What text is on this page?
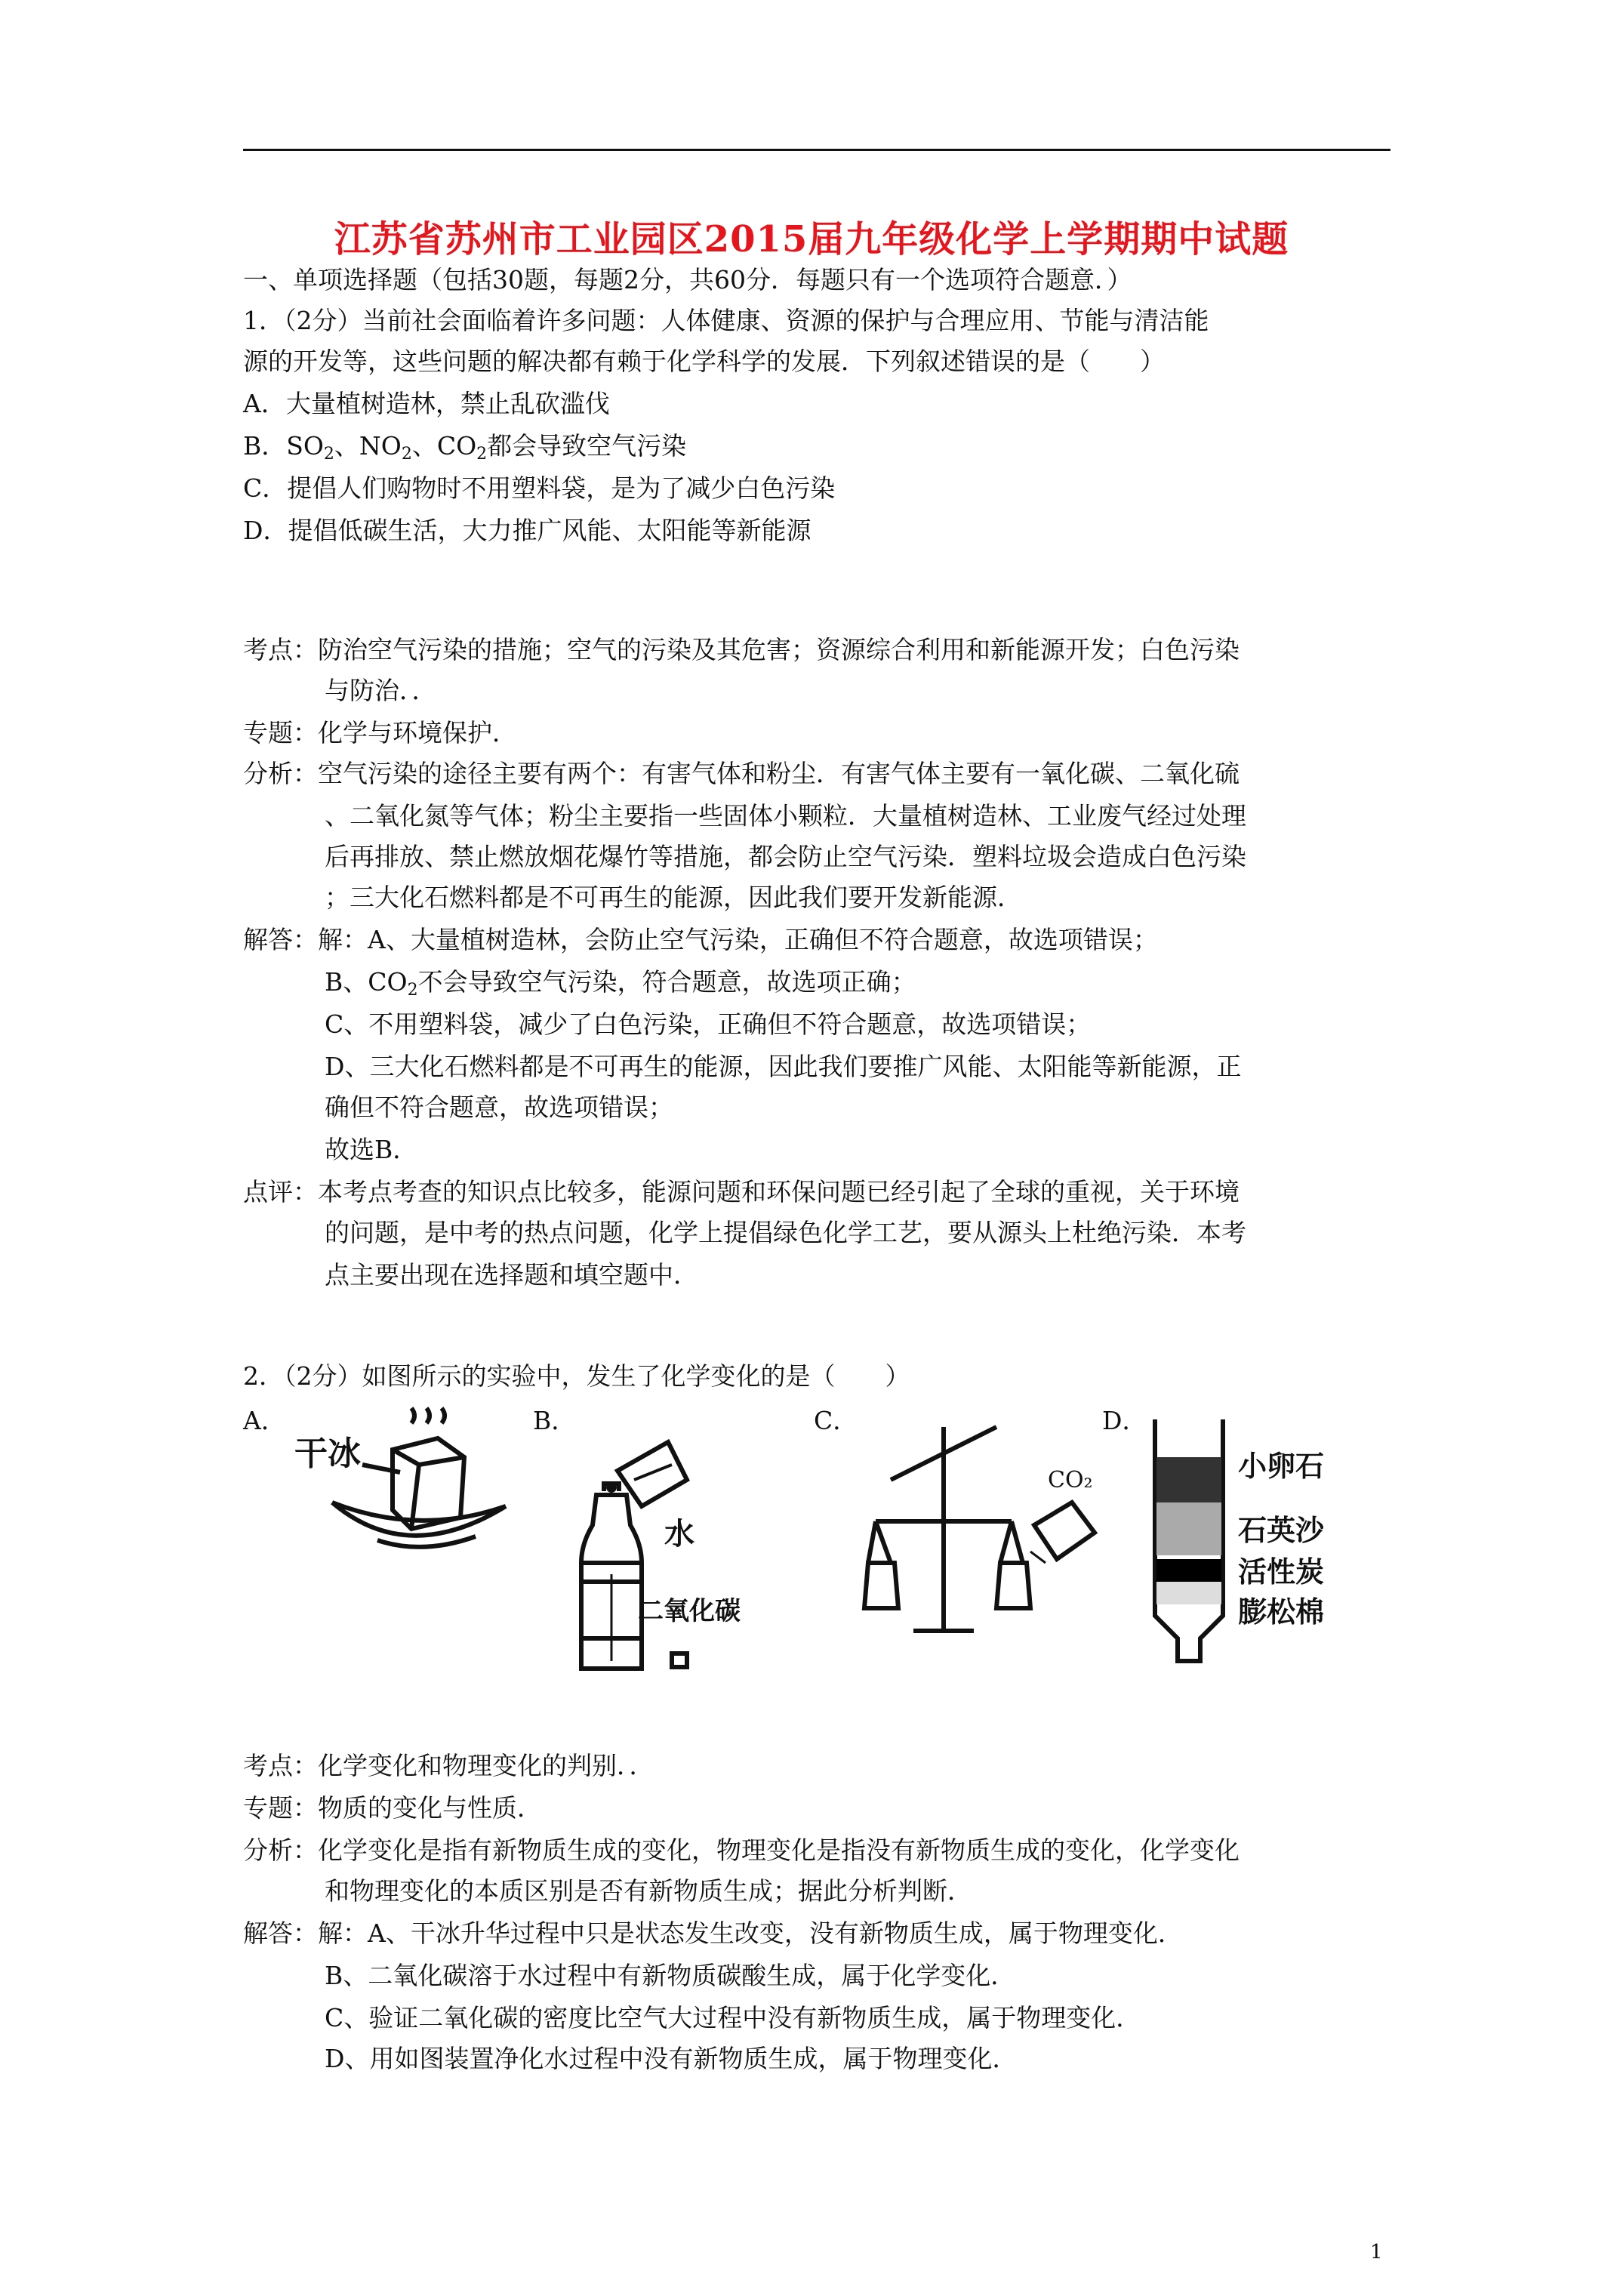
江苏省苏州市工业园区2015届九年级化学上学期期中试题
一、单项选择题（包括30题，每题2分，共60分．每题只有一个选项符合题意．）
1．（2分）当前社会面临着许多问题：人体健康、资源的保护与合理应用、节能与清洁能
源的开发等，这些问题的解决都有赖于化学科学的发展．下列叙述错误的是（　　）
A．大量植树造林，禁止乱砍滥伐
B．$SO_2$、$NO_2$、$CO_2$都会导致空气污染
C．提倡人们购物时不用塑料袋，是为了减少白色污染
D．提倡低碳生活，大力推广风能、太阳能等新能源
考点：防治空气污染的措施；空气的污染及其危害；资源综合利用和新能源开发；白色污染
与防治．．
专题：化学与环境保护．
分析：空气污染的途径主要有两个：有害气体和粉尘．有害气体主要有一氧化碳、二氧化硫
、二氧化氮等气体；粉尘主要指一些固体小颗粒．大量植树造林、工业废气经过处理
后再排放、禁止燃放烟花爆竹等措施，都会防止空气污染．塑料垃圾会造成白色污染
；三大化石燃料都是不可再生的能源，因此我们要开发新能源．
解答：解：A、大量植树造林，会防止空气污染，正确但不符合题意，故选项错误；
B、$CO_2$不会导致空气污染，符合题意，故选项正确；
C、不用塑料袋，减少了白色污染，正确但不符合题意，故选项错误；
D、三大化石燃料都是不可再生的能源，因此我们要推广风能、太阳能等新能源，正
确但不符合题意，故选项错误；
故选B．
点评：本考点考查的知识点比较多，能源问题和环保问题已经引起了全球的重视，关于环境
的问题，是中考的热点问题，化学上提倡绿色化学工艺，要从源头上杜绝污染．本考
点主要出现在选择题和填空题中．
2．（2分）如图所示的实验中，发生了化学变化的是（　　）
A．	B．	C．	D．
干冰
水
二氧化碳
CO₂	小卵石
石英沙
活性炭
膨松棉
考点：化学变化和物理变化的判别．．
专题：物质的变化与性质．
分析：化学变化是指有新物质生成的变化，物理变化是指没有新物质生成的变化，化学变化
和物理变化的本质区别是否有新物质生成；据此分析判断．
解答：解：A、干冰升华过程中只是状态发生改变，没有新物质生成，属于物理变化．
B、二氧化碳溶于水过程中有新物质碳酸生成，属于化学变化．
C、验证二氧化碳的密度比空气大过程中没有新物质生成，属于物理变化．
D、用如图装置净化水过程中没有新物质生成，属于物理变化．
1
